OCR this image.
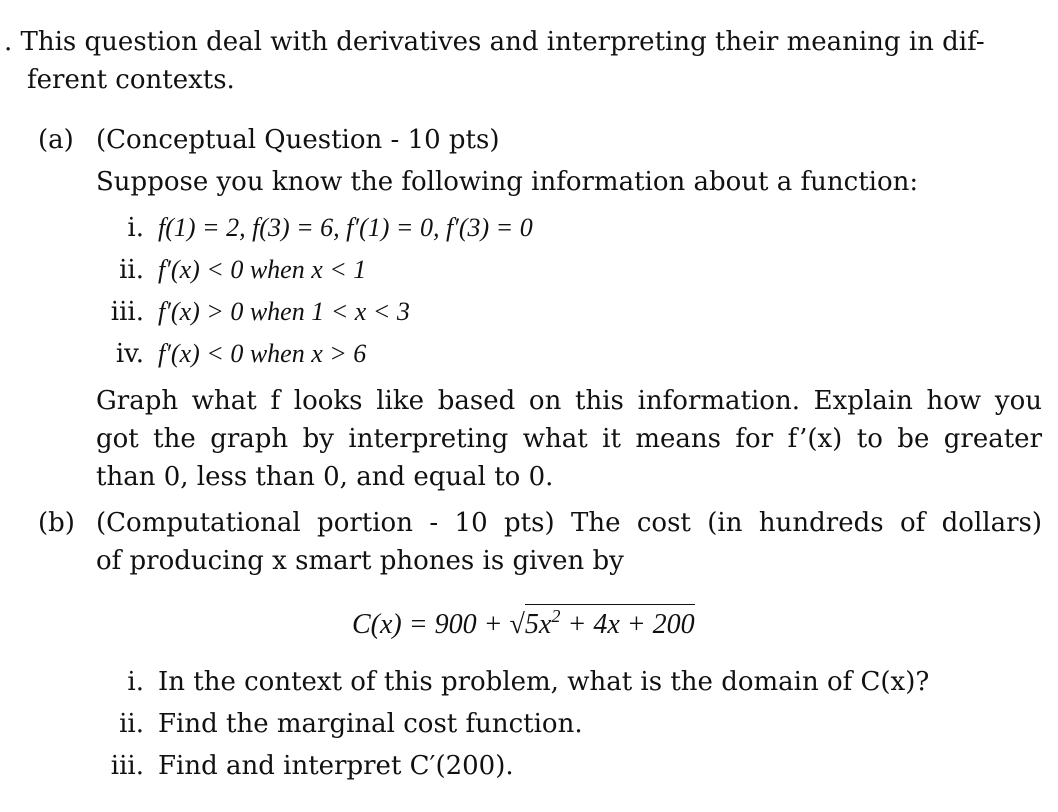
. This question deal with derivatives and interpreting their meaning in dif-
ferent contexts.
(a) (Conceptual Question - 10 pts)
Suppose you know the following information about a function:
i. f(1) = 2, f(3) = 6, f′(1) = 0, f′(3) = 0
ii. f′(x) < 0 when x < 1
iii. f′(x) > 0 when 1 < x < 3
iv. f′(x) < 0 when x > 6
Graph what f looks like based on this information. Explain how you
got the graph by interpreting what it means for f’(x) to be greater
than 0, less than 0, and equal to 0.
(b) (Computational portion - 10 pts) The cost (in hundreds of dollars)
of producing x smart phones is given by
$C(x) = 900 + √5x^2 + 4x + 200$
i. In the context of this problem, what is the domain of C(x)?
ii. Find the marginal cost function.
iii. Find and interpret C′(200).
